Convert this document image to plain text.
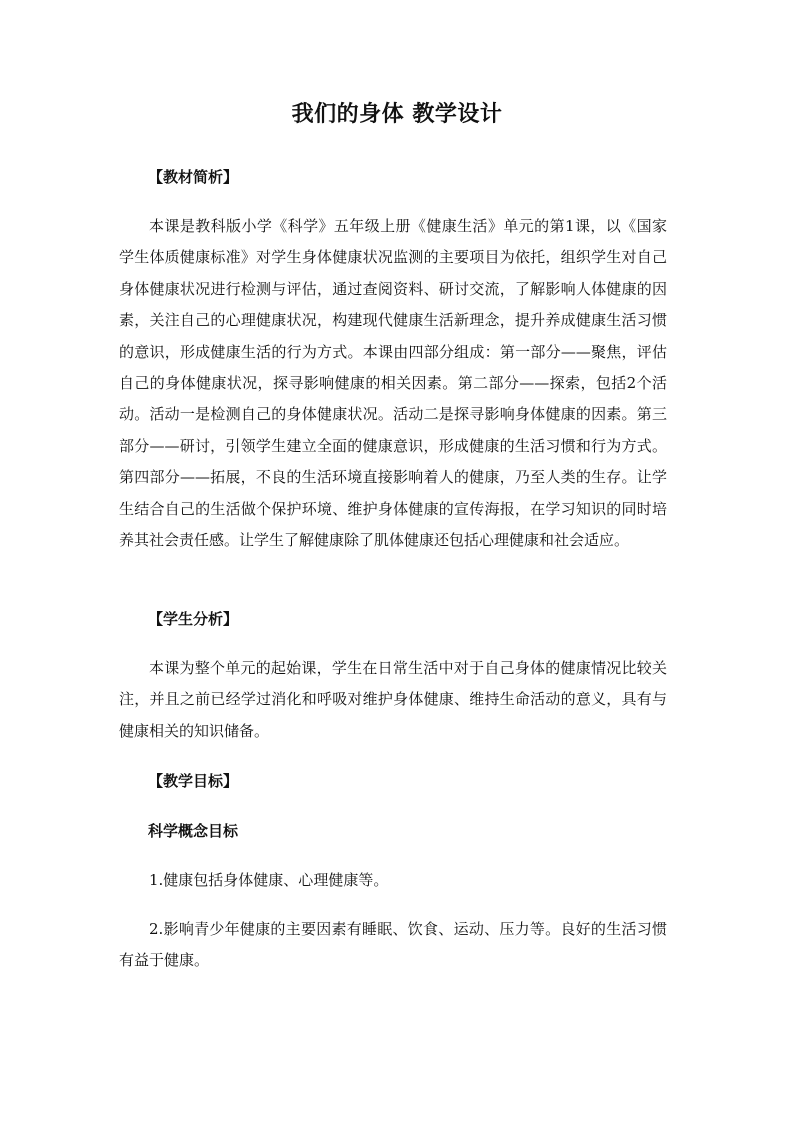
我们的身体 教学设计
【教材简析】
本课是教科版小学《科学》五年级上册《健康生活》单元的第1课，以《国家学生体质健康标准》对学生身体健康状况监测的主要项目为依托，组织学生对自己身体健康状况进行检测与评估，通过查阅资料、研讨交流，了解影响人体健康的因素，关注自己的心理健康状况，构建现代健康生活新理念，提升养成健康生活习惯的意识，形成健康生活的行为方式。本课由四部分组成：第一部分——聚焦，评估自己的身体健康状况，探寻影响健康的相关因素。第二部分——探索，包括2个活动。活动一是检测自己的身体健康状况。活动二是探寻影响身体健康的因素。第三部分——研讨，引领学生建立全面的健康意识，形成健康的生活习惯和行为方式。第四部分——拓展，不良的生活环境直接影响着人的健康，乃至人类的生存。让学生结合自己的生活做个保护环境、维护身体健康的宣传海报，在学习知识的同时培养其社会责任感。让学生了解健康除了肌体健康还包括心理健康和社会适应。
【学生分析】
本课为整个单元的起始课，学生在日常生活中对于自己身体的健康情况比较关注，并且之前已经学过消化和呼吸对维护身体健康、维持生命活动的意义，具有与健康相关的知识储备。
【教学目标】
科学概念目标
1.健康包括身体健康、心理健康等。
2.影响青少年健康的主要因素有睡眠、饮食、运动、压力等。良好的生活习惯有益于健康。
